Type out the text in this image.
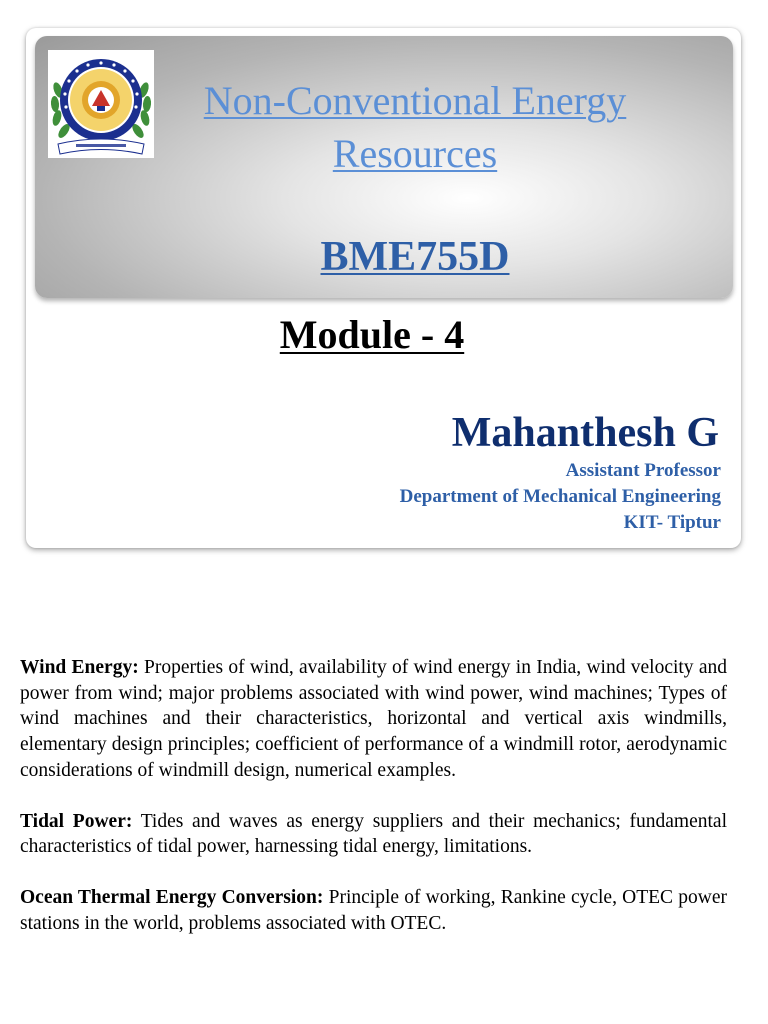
Non-Conventional Energy
Resources
BME755D
Module - 4
Mahanthesh G
Assistant Professor
Department of Mechanical Engineering
KIT- Tiptur

Wind Energy: Properties of wind, availability of wind energy in India, wind velocity and power from wind; major problems associated with wind power, wind machines; Types of wind machines and their characteristics, horizontal and vertical axis windmills, elementary design principles; coefficient of performance of a windmill rotor, aerodynamic considerations of windmill design, numerical examples.

Tidal Power: Tides and waves as energy suppliers and their mechanics; fundamental characteristics of tidal power, harnessing tidal energy, limitations.

Ocean Thermal Energy Conversion: Principle of working, Rankine cycle, OTEC power stations in the world, problems associated with OTEC.
